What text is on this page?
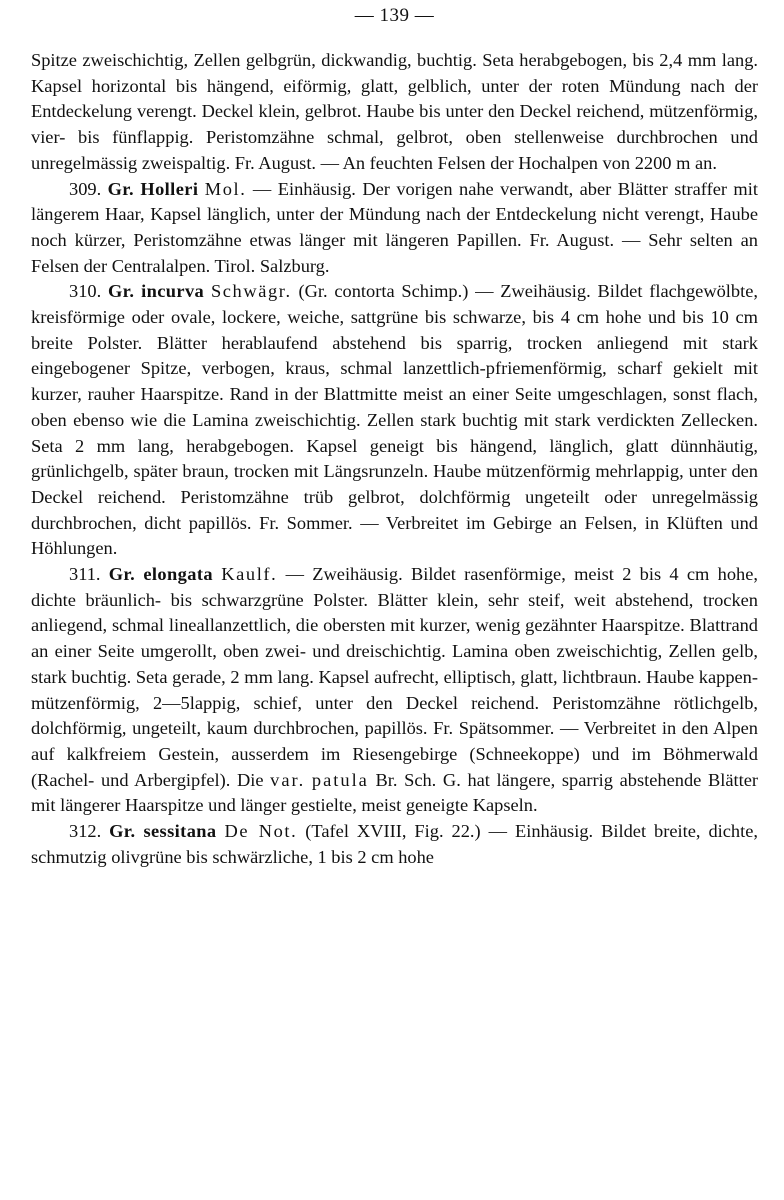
— 139 —

Spitze zweischichtig, Zellen gelbgrün, dickwandig, buchtig. Seta herabgebogen, bis 2,4 mm lang. Kapsel horizontal bis hängend, eiförmig, glatt, gelblich, unter der roten Mündung nach der Entdeckelung verengt. Deckel klein, gelbrot. Haube bis unter den Deckel reichend, mützenförmig, vier- bis fünflappig. Peristomzähne schmal, gelbrot, oben stellenweise durchbrochen und unregelmässig zweispaltig. Fr. August. — An feuchten Felsen der Hochalpen von 2200 m an.

309. Gr. Holleri Mol. — Einhäusig. Der vorigen nahe verwandt, aber Blätter straffer mit längerem Haar, Kapsel länglich, unter der Mündung nach der Entdeckelung nicht verengt, Haube noch kürzer, Peristomzähne etwas länger mit längeren Papillen. Fr. August. — Sehr selten an Felsen der Centralalpen. Tirol. Salzburg.

310. Gr. incurva Schwägr. (Gr. contorta Schimp.) — Zweihäusig. Bildet flachgewölbte, kreisförmige oder ovale, lockere, weiche, sattgrüne bis schwarze, bis 4 cm hohe und bis 10 cm breite Polster. Blätter herablaufend abstehend bis sparrig, trocken anliegend mit stark eingebogener Spitze, verbogen, kraus, schmal lanzettlich-pfriemenförmig, scharf gekielt mit kurzer, rauher Haarspitze. Rand in der Blattmitte meist an einer Seite umgeschlagen, sonst flach, oben ebenso wie die Lamina zweischichtig. Zellen stark buchtig mit stark verdickten Zellecken. Seta 2 mm lang, herabgebogen. Kapsel geneigt bis hängend, länglich, glatt dünnhäutig, grünlichgelb, später braun, trocken mit Längsrunzeln. Haube mützenförmig mehrlappig, unter den Deckel reichend. Peristomzähne trüb gelbrot, dolchförmig ungeteilt oder unregelmässig durchbrochen, dicht papillös. Fr. Sommer. — Verbreitet im Gebirge an Felsen, in Klüften und Höhlungen.

311. Gr. elongata Kaulf. — Zweihäusig. Bildet rasenförmige, meist 2 bis 4 cm hohe, dichte bräunlich- bis schwarzgrüne Polster. Blätter klein, sehr steif, weit abstehend, trocken anliegend, schmal lineallanzettlich, die obersten mit kurzer, wenig gezähnter Haarspitze. Blattrand an einer Seite umgerollt, oben zwei- und dreischichtig. Lamina oben zweischichtig, Zellen gelb, stark buchtig. Seta gerade, 2 mm lang. Kapsel aufrecht, elliptisch, glatt, lichtbraun. Haube kappen-mützenförmig, 2—5lappig, schief, unter den Deckel reichend. Peristomzähne rötlichgelb, dolchförmig, ungeteilt, kaum durchbrochen, papillös. Fr. Spätsommer. — Verbreitet in den Alpen auf kalkfreiem Gestein, ausserdem im Riesengebirge (Schneekoppe) und im Böhmerwald (Rachel- und Arbergipfel). Die var. patula Br. Sch. G. hat längere, sparrig abstehende Blätter mit längerer Haarspitze und länger gestielte, meist geneigte Kapseln.

312. Gr. sessitana De Not. (Tafel XVIII, Fig. 22.) — Einhäusig. Bildet breite, dichte, schmutzig olivgrüne bis schwärzliche, 1 bis 2 cm hohe
